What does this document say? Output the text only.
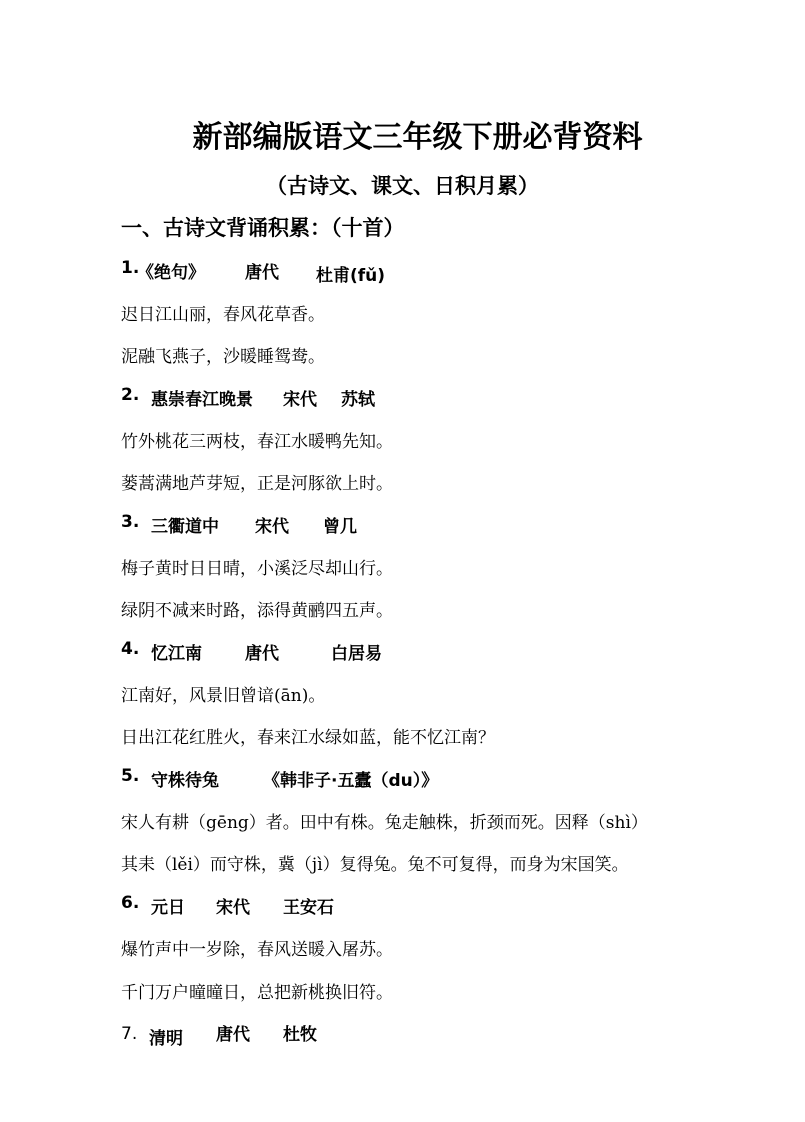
新部编版语文三年级下册必背资料
（古诗文、课文、日积月累）
一、古诗文背诵积累：（十首）
1.
《绝句》 唐代 杜甫(fǔ)
迟日江山丽，春风花草香。
泥融飞燕子，沙暖睡鸳鸯。
2. 惠崇春江晚景 宋代 苏轼
竹外桃花三两枝，春江水暖鸭先知。
蒌蒿满地芦芽短，正是河豚欲上时。
3. 三衢道中 宋代 曾几
梅子黄时日日晴，小溪泛尽却山行。
绿阴不减来时路，添得黄鹂四五声。
4. 忆江南	唐代	白居易
江南好，风景旧曾谙(ān)。
日出江花红胜火，春来江水绿如蓝，能不忆江南？
5. 守株待兔	《韩非子·五蠹（du）》
宋人有耕（gēng）者。田中有株。兔走触株，折颈而死。因释（shì）
其耒（lěi）而守株，冀（jì）复得兔。兔不可复得，而身为宋国笑。
6. 元日 宋代 王安石
爆竹声中一岁除，春风送暖入屠苏。
千门万户曈曈日，总把新桃换旧符。
7. 清明 唐代 杜牧
